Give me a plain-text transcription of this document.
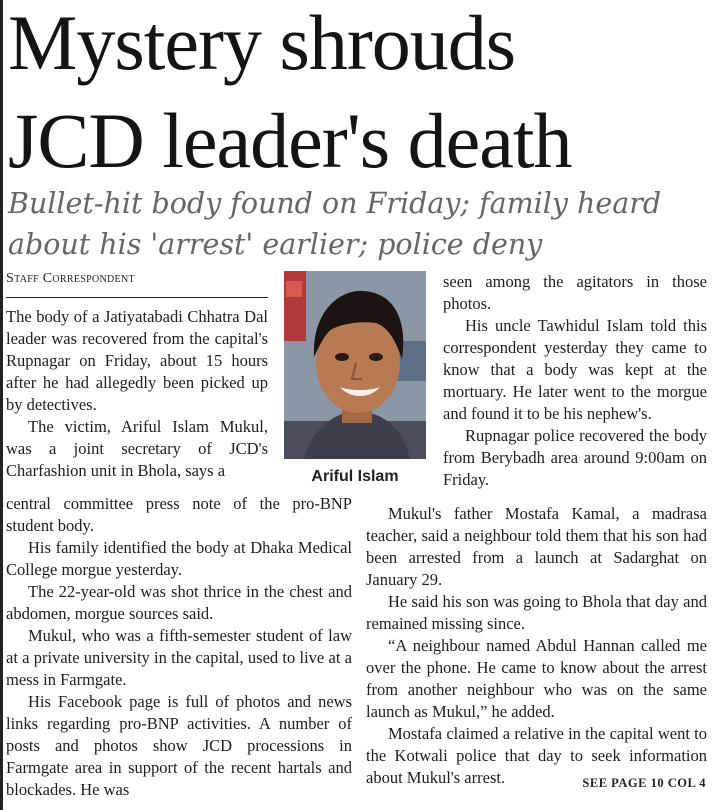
Mystery shrouds
JCD leader's death
Bullet-hit body found on Friday; family heard
about his 'arrest' earlier; police deny
Staff Correspondent

The body of a Jatiyatabadi Chhatra Dal leader was recovered from the capital's Rupnagar on Friday, about 15 hours after he had allegedly been picked up by detectives.

The victim, Ariful Islam Mukul, was a joint secretary of JCD's Charfashion unit in Bhola, says a	Ariful Islam

central committee press note of the pro-BNP student body.

His family identified the body at Dhaka Medical College morgue yesterday.

The 22-year-old was shot thrice in the chest and abdomen, morgue sources said.

Mukul, who was a fifth-semester student of law at a private university in the capital, used to live at a mess in Farmgate.

His Facebook page is full of photos and news links regarding pro-BNP activities. A number of posts and photos show JCD processions in Farmgate area in support of the recent hartals and blockades. He was

seen among the agitators in those photos.

His uncle Tawhidul Islam told this correspondent yesterday they came to know that a body was kept at the mortuary. He later went to the morgue and found it to be his nephew's.

Rupnagar police recovered the body from Berybadh area around 9:00am on Friday.

Mukul's father Mostafa Kamal, a madrasa teacher, said a neighbour told them that his son had been arrested from a launch at Sadarghat on January 29.

He said his son was going to Bhola that day and remained missing since.

“A neighbour named Abdul Hannan called me over the phone. He came to know about the arrest from another neighbour who was on the same launch as Mukul,” he added.

Mostafa claimed a relative in the capital went to the Kotwali police that day to seek information about Mukul's arrest.	SEE PAGE 10 COL 4
